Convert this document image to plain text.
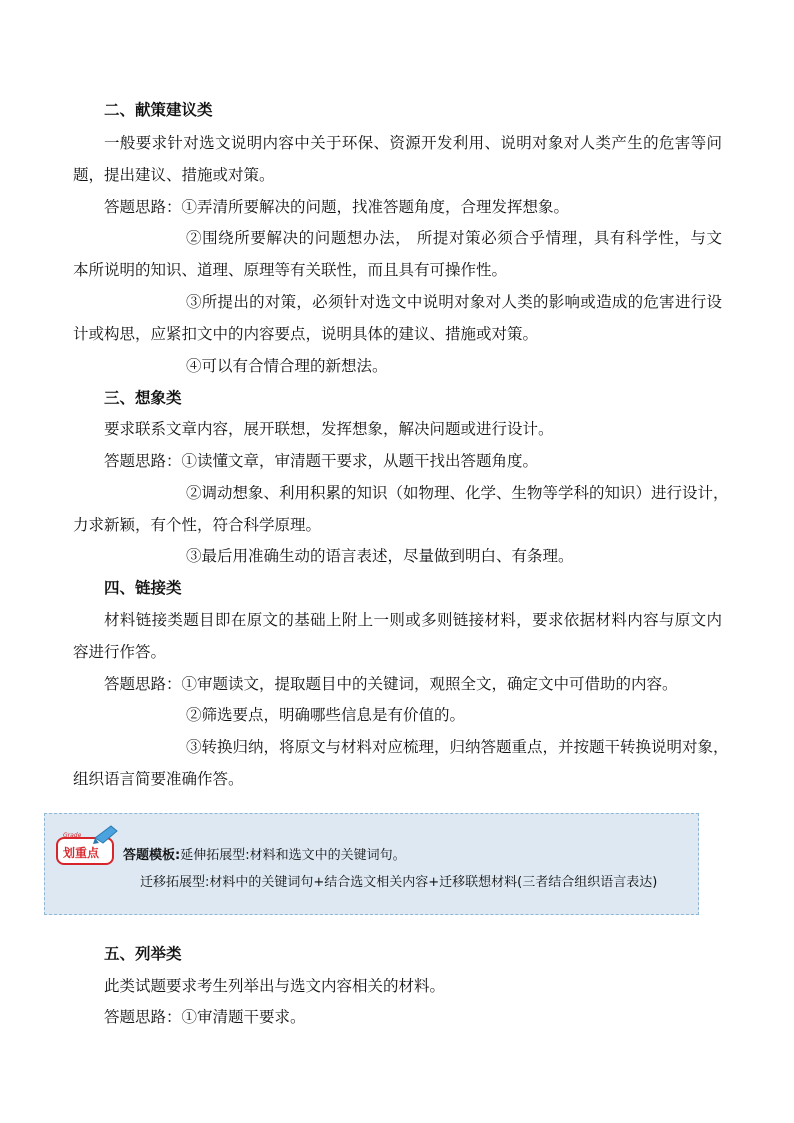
二、献策建议类
一般要求针对选文说明内容中关于环保、资源开发利用、说明对象对人类产生的危害等问
题，提出建议、措施或对策。
答题思路：①弄清所要解决的问题，找准答题角度，合理发挥想象。
②围绕所要解决的问题想办法， 所提对策必须合乎情理，具有科学性，与文
本所说明的知识、道理、原理等有关联性，而且具有可操作性。
③所提出的对策，必须针对选文中说明对象对人类的影响或造成的危害进行设
计或构思，应紧扣文中的内容要点，说明具体的建议、措施或对策。
④可以有合情合理的新想法。
三、想象类
要求联系文章内容，展开联想，发挥想象，解决问题或进行设计。
答题思路：①读懂文章，审清题干要求，从题干找出答题角度。
②调动想象、利用积累的知识（如物理、化学、生物等学科的知识）进行设计，
力求新颖，有个性，符合科学原理。
③最后用准确生动的语言表述，尽量做到明白、有条理。
四、链接类
材料链接类题目即在原文的基础上附上一则或多则链接材料，要求依据材料内容与原文内
容进行作答。
答题思路：①审题读文，提取题目中的关键词，观照全文，确定文中可借助的内容。
②筛选要点，明确哪些信息是有价值的。
③转换归纳，将原文与材料对应梳理，归纳答题重点，并按题干转换说明对象，
组织语言简要准确作答。
Grade
划重点 答题模板:延伸拓展型:材料和选文中的关键词句。
迁移拓展型:材料中的关键词句+结合选文相关内容+迁移联想材料(三者结合组织语言表达)
五、列举类
此类试题要求考生列举出与选文内容相关的材料。
答题思路：①审清题干要求。
